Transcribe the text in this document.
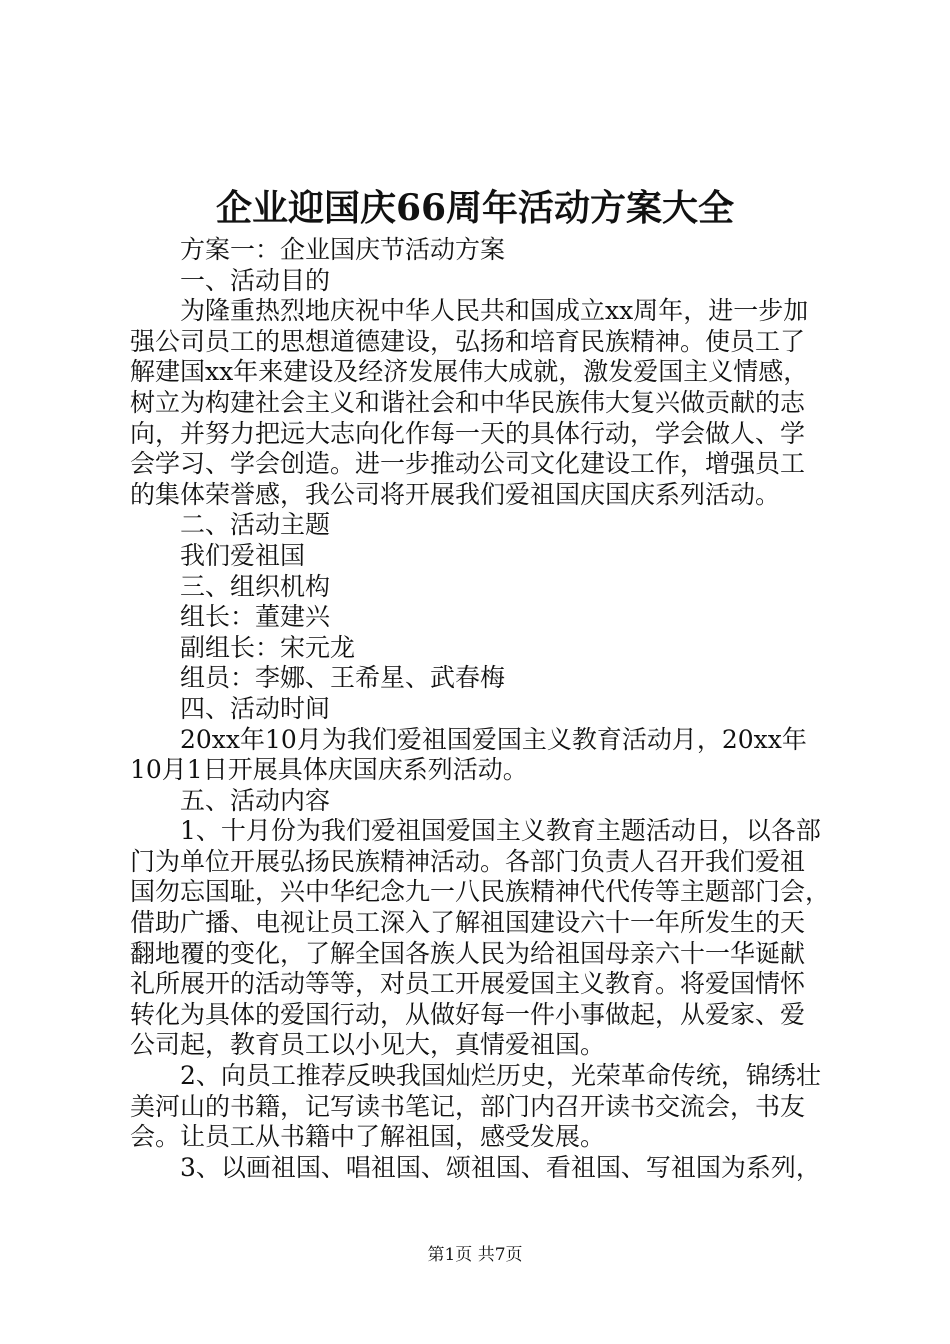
企业迎国庆66周年活动方案大全
方案一：企业国庆节活动方案
一、活动目的
为隆重热烈地庆祝中华人民共和国成立xx周年，进一步加
强公司员工的思想道德建设，弘扬和培育民族精神。使员工了
解建国xx年来建设及经济发展伟大成就，激发爱国主义情感，
树立为构建社会主义和谐社会和中华民族伟大复兴做贡献的志
向，并努力把远大志向化作每一天的具体行动，学会做人、学
会学习、学会创造。进一步推动公司文化建设工作，增强员工
的集体荣誉感，我公司将开展我们爱祖国庆国庆系列活动。
二、活动主题
我们爱祖国
三、组织机构
组长：董建兴
副组长：宋元龙
组员：李娜、王希星、武春梅
四、活动时间
20xx年10月为我们爱祖国爱国主义教育活动月，20xx年
10月1日开展具体庆国庆系列活动。
五、活动内容
1、十月份为我们爱祖国爱国主义教育主题活动日，以各部
门为单位开展弘扬民族精神活动。各部门负责人召开我们爱祖
国勿忘国耻，兴中华纪念九一八民族精神代代传等主题部门会，
借助广播、电视让员工深入了解祖国建设六十一年所发生的天
翻地覆的变化，了解全国各族人民为给祖国母亲六十一华诞献
礼所展开的活动等等，对员工开展爱国主义教育。将爱国情怀
转化为具体的爱国行动，从做好每一件小事做起，从爱家、爱
公司起，教育员工以小见大，真情爱祖国。
2、向员工推荐反映我国灿烂历史，光荣革命传统，锦绣壮
美河山的书籍，记写读书笔记，部门内召开读书交流会，书友
会。让员工从书籍中了解祖国，感受发展。
3、以画祖国、唱祖国、颂祖国、看祖国、写祖国为系列，
第1页 共7页
